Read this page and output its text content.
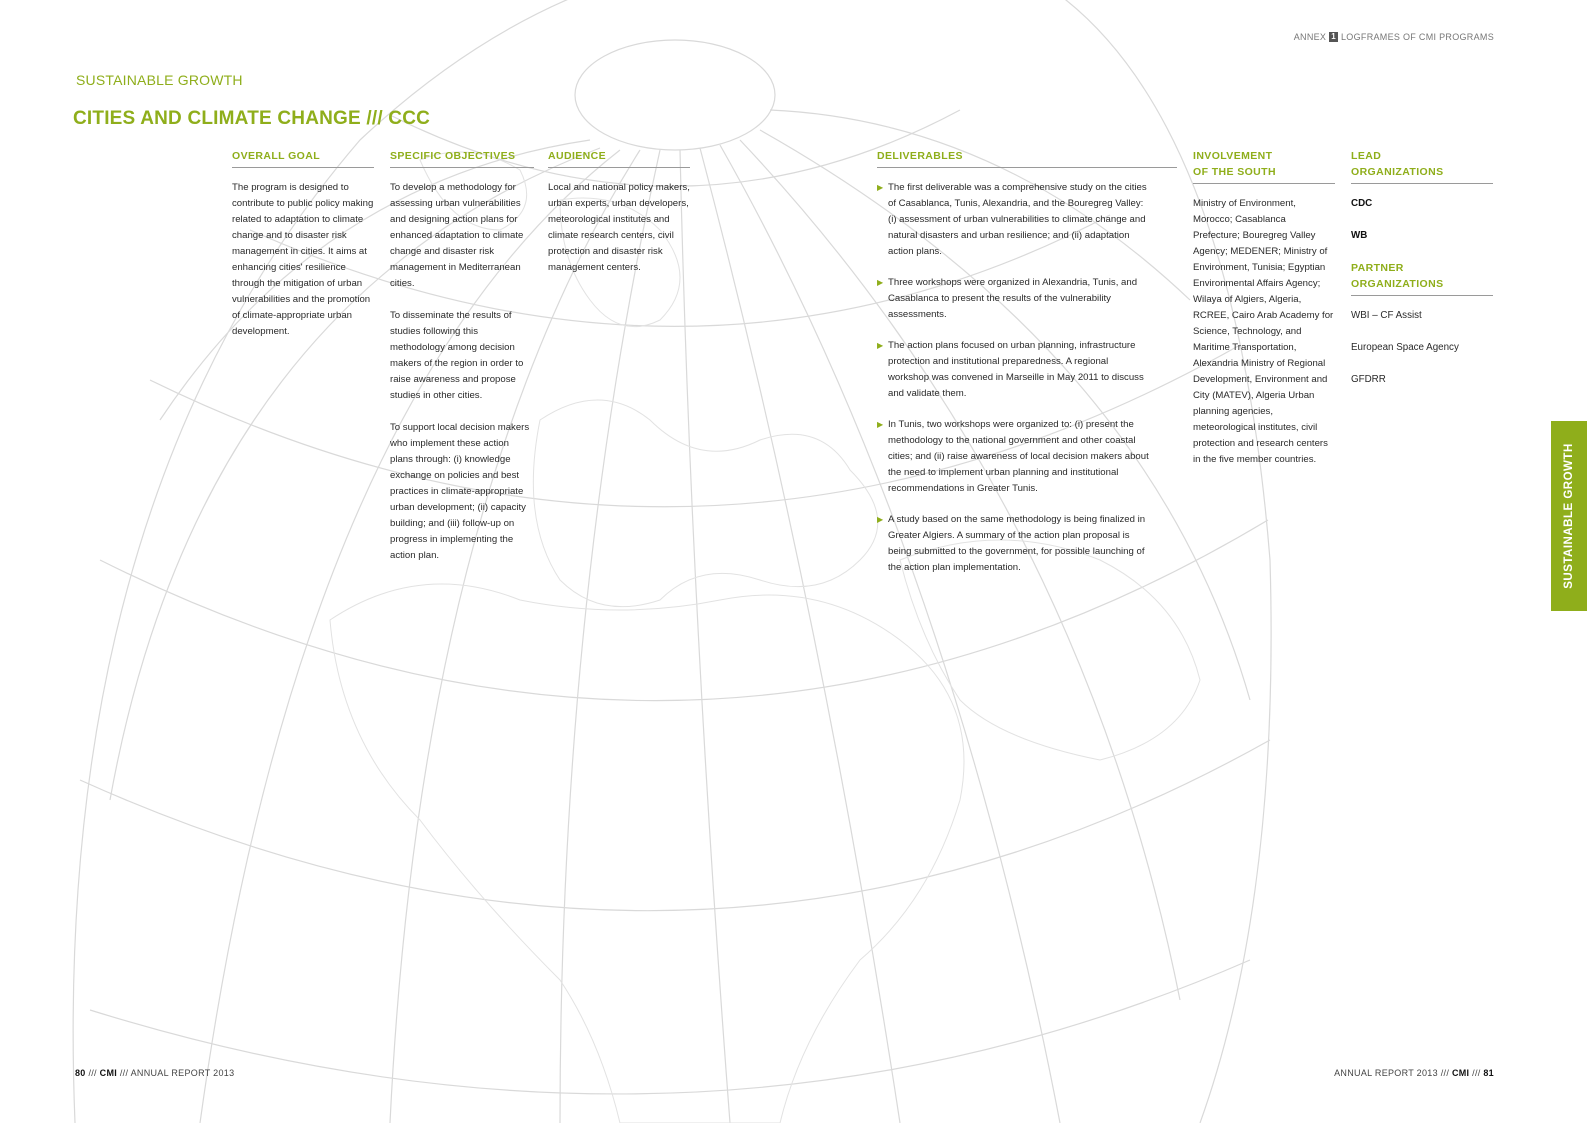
ANNEX 1 LOGFRAMES OF CMI PROGRAMS
SUSTAINABLE GROWTH
CITIES AND CLIMATE CHANGE /// CCC
OVERALL GOAL

The program is designed to contribute to public policy making related to adaptation to climate change and to disaster risk management in cities. It aims at enhancing cities' resilience through the mitigation of urban vulnerabilities and the promotion of climate-appropriate urban development.

SPECIFIC OBJECTIVES

To develop a methodology for assessing urban vulnerabilities and designing action plans for enhanced adaptation to climate change and disaster risk management in Mediterranean cities.

To disseminate the results of studies following this methodology among decision makers of the region in order to raise awareness and propose studies in other cities.

To support local decision makers who implement these action plans through: (i) knowledge exchange on policies and best practices in climate-appropriate urban development; (ii) capacity building; and (iii) follow-up on progress in implementing the action plan.

AUDIENCE

Local and national policy makers, urban experts, urban developers, meteorological institutes and climate research centers, civil protection and disaster risk management centers.

DELIVERABLES
▶ The first deliverable was a comprehensive study on the cities of Casablanca, Tunis, Alexandria, and the Bouregreg Valley: (i) assessment of urban vulnerabilities to climate change and natural disasters and urban resilience; and (ii) adaptation action plans.
▶ Three workshops were organized in Alexandria, Tunis, and Casablanca to present the results of the vulnerability assessments.
▶ The action plans focused on urban planning, infrastructure protection and institutional preparedness. A regional workshop was convened in Marseille in May 2011 to discuss and validate them.
▶ In Tunis, two workshops were organized to: (i) present the methodology to the national government and other coastal cities; and (ii) raise awareness of local decision makers about the need to implement urban planning and institutional recommendations in Greater Tunis.
▶ A study based on the same methodology is being finalized in Greater Algiers. A summary of the action plan proposal is being submitted to the government, for possible launching of the action plan implementation.
INVOLVEMENT
OF THE SOUTH
Ministry of Environment, Morocco; Casablanca Prefecture; Bouregreg Valley Agency; MEDENER; Ministry of Environment, Tunisia; Egyptian Environmental Affairs Agency; Wilaya of Algiers, Algeria, RCREE, Cairo Arab Academy for Science, Technology, and Maritime Transportation, Alexandria Ministry of Regional Development, Environment and City (MATEV), Algeria Urban planning agencies, meteorological institutes, civil protection and research centers in the five member countries.
LEAD
ORGANIZATIONS
CDC
WB
PARTNER
ORGANIZATIONS
WBI – CF Assist
European Space Agency
GFDRR
SUSTAINABLE GROWTH
80 /// CMI /// ANNUAL REPORT 2013	ANNUAL REPORT 2013 /// CMI /// 81
